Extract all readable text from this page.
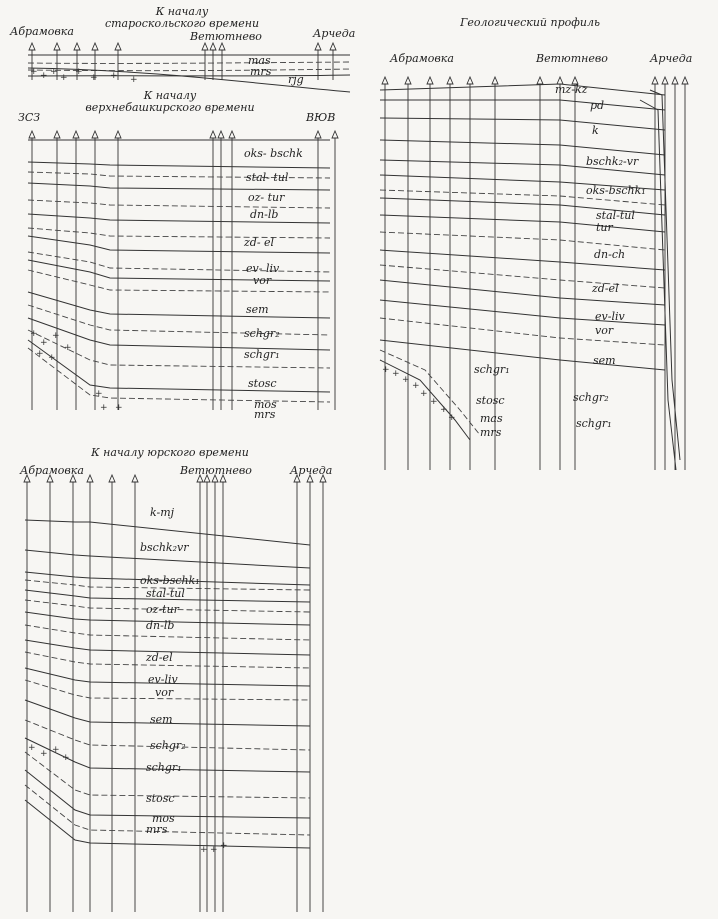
К началу
староскольского времени
Абрамовка	Ветютнево	Арчеда
mas
mrs
rjg
+ + +
+
+
+ + +
К началу
верхнебашкирского времени
ЗСЗ	ВЮВ
+
+
+
+
+ +
+
+ +
oks- bschk
stal- tul
oz- tur
dn-lb
zd- el
ev- liv
vor
sem
schgr₂
schgr₁
stosc
mos
mrs
Геологический профиль
Абрамовка	Ветютнево	Арчеда
+ +
+
+
+
+
+
+
mz-kz
pd
k
bschk₂-vr
oks-bschk₁
stal-tul
tur
dn-ch
zd-el
ev-liv
vor
sem
schgr₁
stosc
mas
mrs
schgr₂
schgr₁
К началу юрского времени
Абрамовка	Ветютнево	Арчеда
+
+ +
+
+ + +
k-mj
bschk₂vr
oks-bschk₁
stal-tul
oz-tur
dn-lb
zd-el
ev-liv
vor
sem
schgr₂
schgr₁
stosc
mos
mrs
